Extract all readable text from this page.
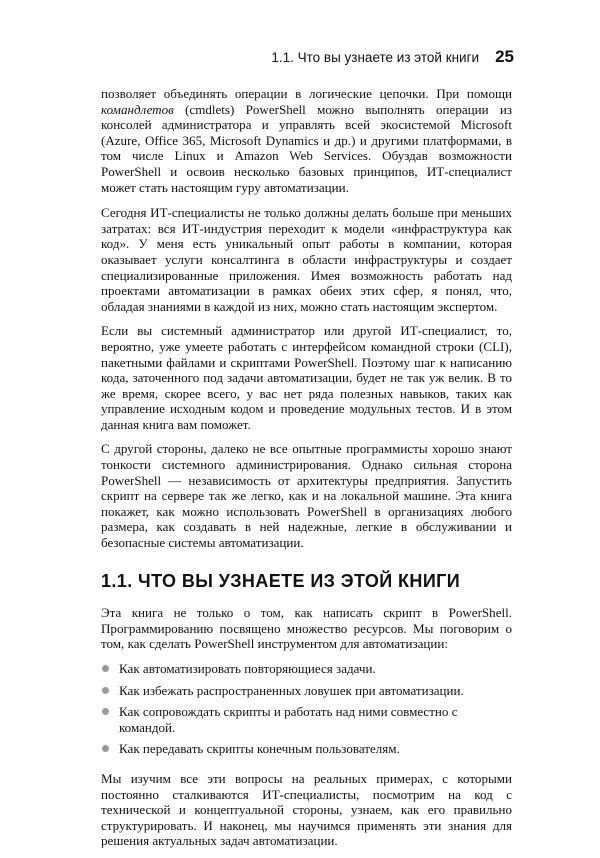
1.1. Что вы узнаете из этой книги 25

позволяет объединять операции в логические цепочки. При помощи командлетов (cmdlets) PowerShell можно выполнять операции из консолей администратора и управлять всей экосистемой Microsoft (Azure, Office 365, Microsoft Dynamics и др.) и другими платформами, в том числе Linux и Amazon Web Services. Обуздав возможности PowerShell и освоив несколько базовых принципов, ИТ-специалист может стать настоящим гуру автоматизации.

Сегодня ИТ-специалисты не только должны делать больше при меньших затратах: вся ИТ-индустрия переходит к модели «инфраструктура как код». У меня есть уникальный опыт работы в компании, которая оказывает услуги консалтинга в области инфраструктуры и создает специализированные приложения. Имея возможность работать над проектами автоматизации в рамках обеих этих сфер, я понял, что, обладая знаниями в каждой из них, можно стать настоящим экспертом.

Если вы системный администратор или другой ИТ-специалист, то, вероятно, уже умеете работать с интерфейсом командной строки (CLI), пакетными файлами и скриптами PowerShell. Поэтому шаг к написанию кода, заточенного под задачи автоматизации, будет не так уж велик. В то же время, скорее всего, у вас нет ряда полезных навыков, таких как управление исходным кодом и проведение модульных тестов. И в этом данная книга вам поможет.

С другой стороны, далеко не все опытные программисты хорошо знают тонкости системного администрирования. Однако сильная сторона PowerShell — независимость от архитектуры предприятия. Запустить скрипт на сервере так же легко, как и на локальной машине. Эта книга покажет, как можно использовать PowerShell в организациях любого размера, как создавать в ней надежные, легкие в обслуживании и безопасные системы автоматизации.

1.1. ЧТО ВЫ УЗНАЕТЕ ИЗ ЭТОЙ КНИГИ

Эта книга не только о том, как написать скрипт в PowerShell. Программированию посвящено множество ресурсов. Мы поговорим о том, как сделать PowerShell инструментом для автоматизации:

Как автоматизировать повторяющиеся задачи.
Как избежать распространенных ловушек при автоматизации.
Как сопровождать скрипты и работать над ними совместно с командой.
Как передавать скрипты конечным пользователям.

Мы изучим все эти вопросы на реальных примерах, с которыми постоянно сталкиваются ИТ-специалисты, посмотрим на код с технической и концептуальной стороны, узнаем, как его правильно структурировать. И наконец, мы научимся применять эти знания для решения актуальных задач автоматизации.
